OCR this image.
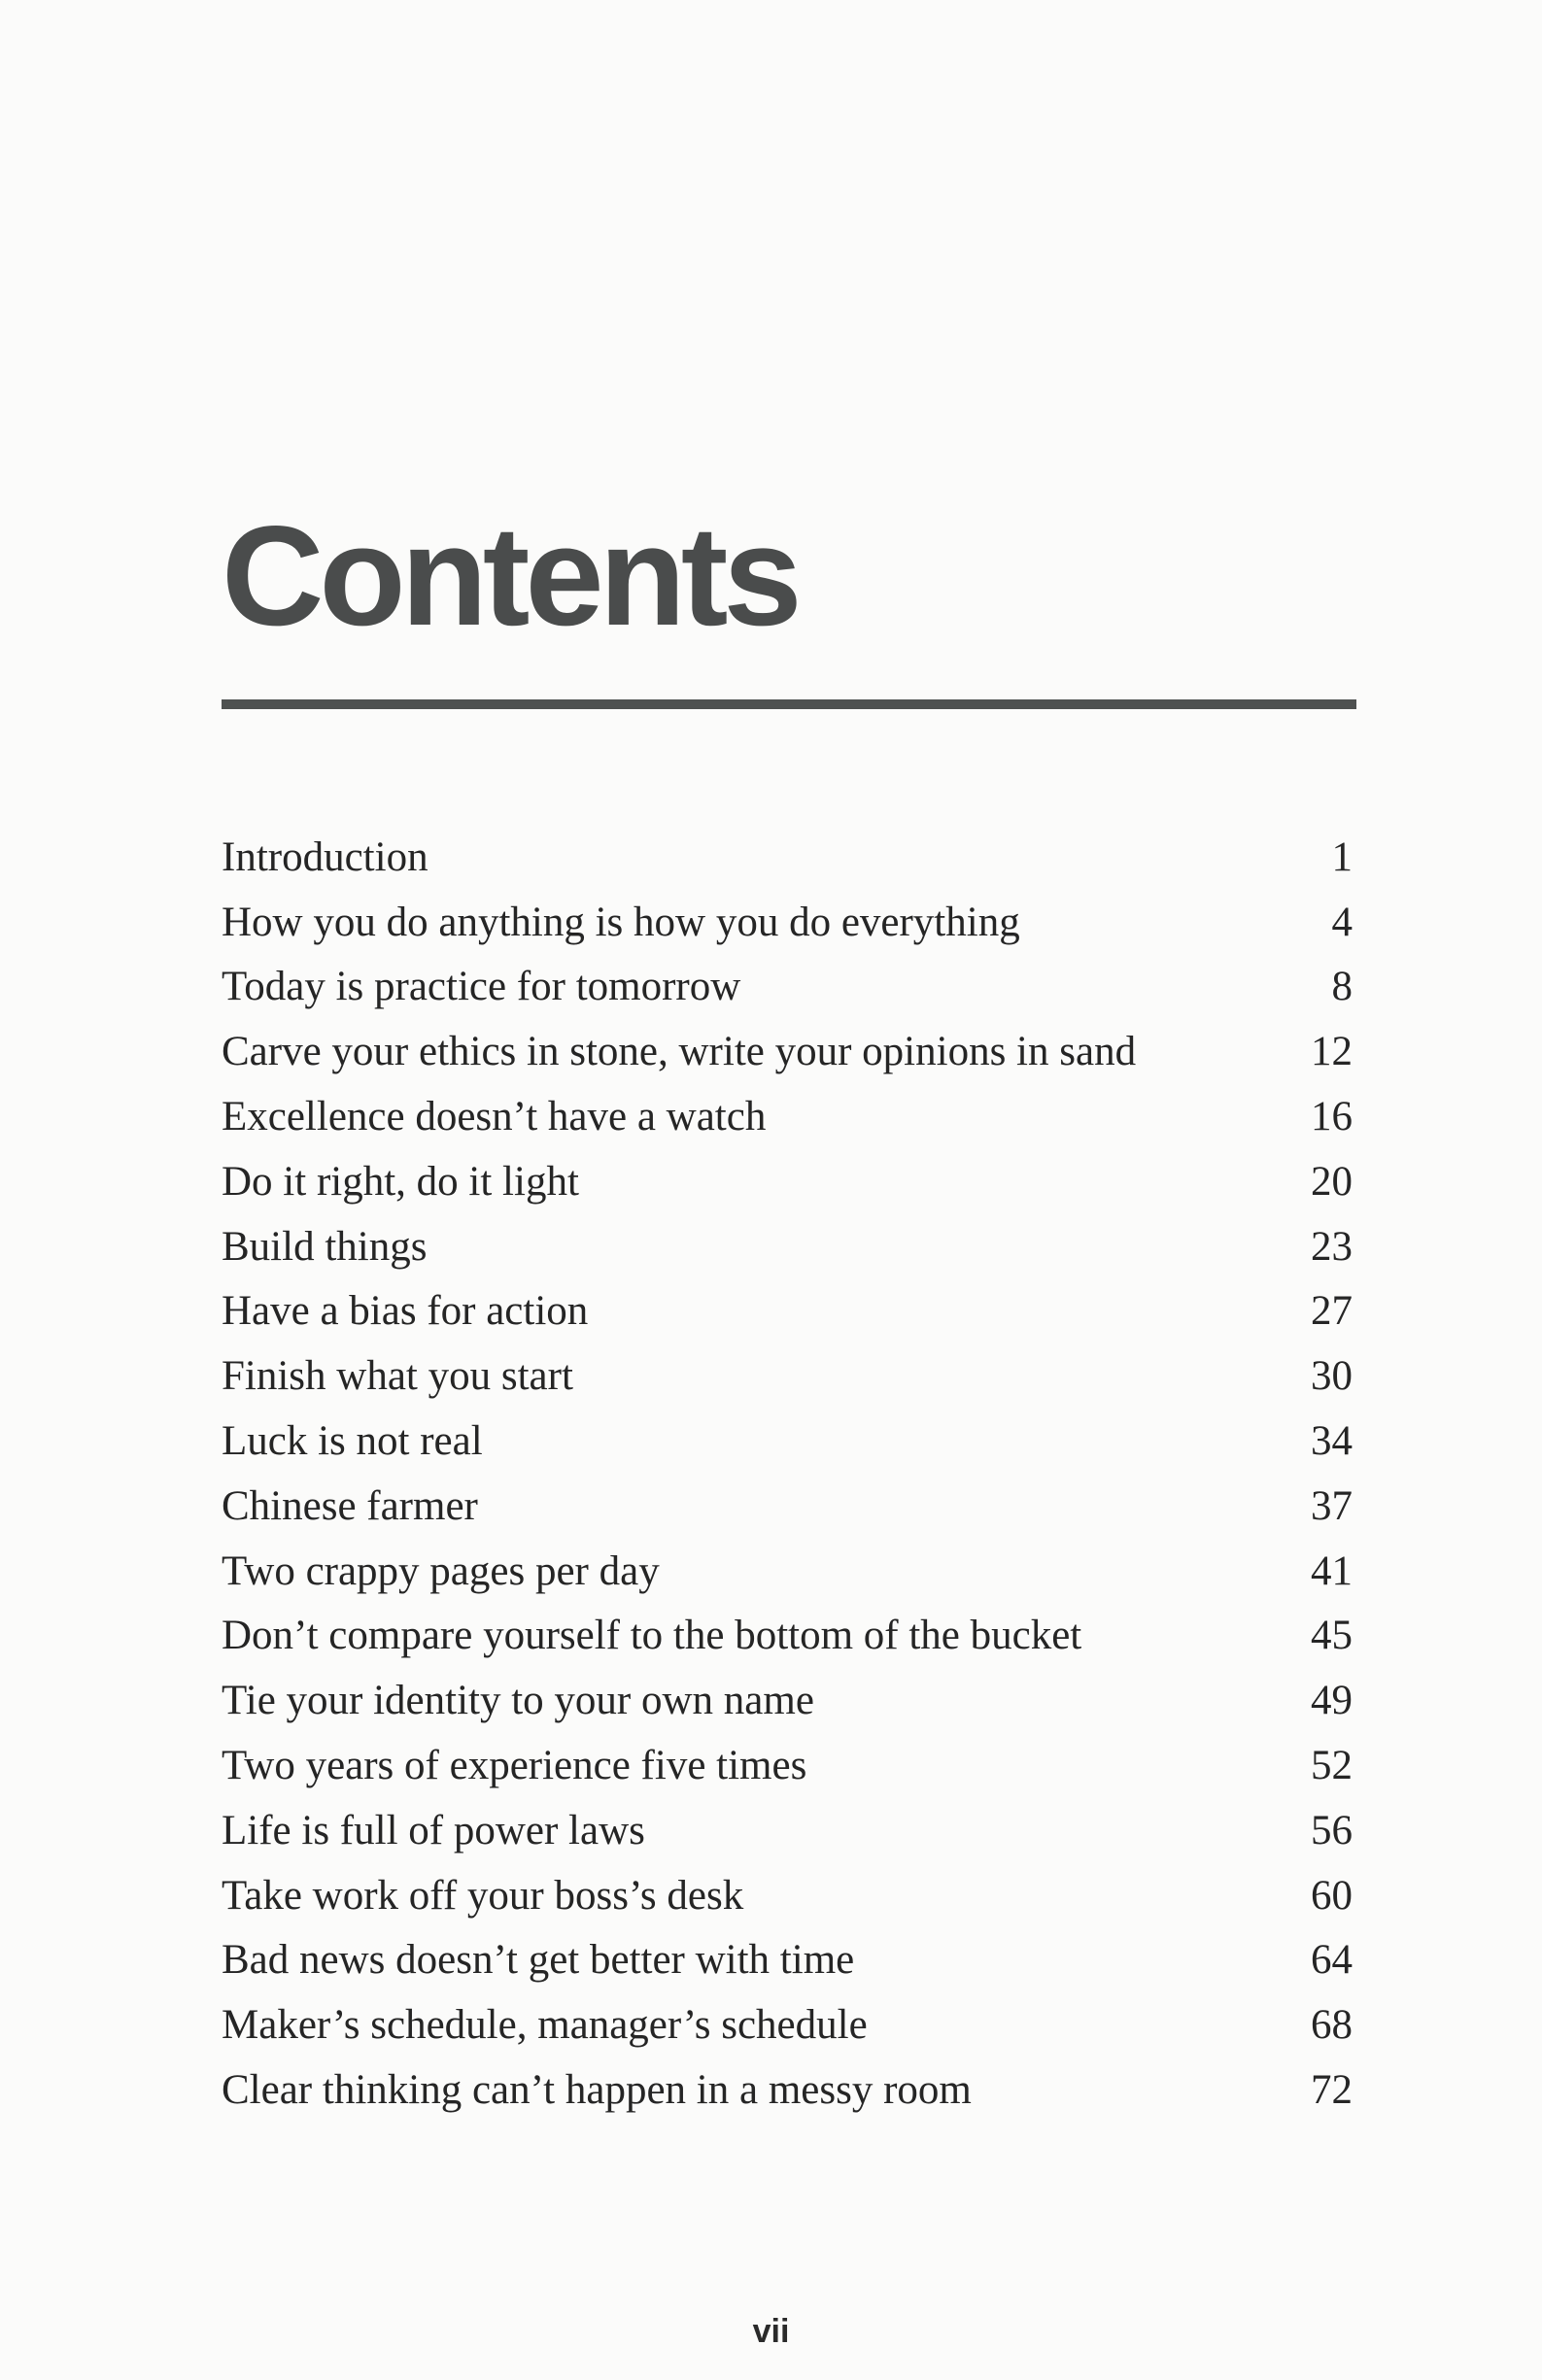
Contents
Introduction	1
How you do anything is how you do everything	4
Today is practice for tomorrow	8
Carve your ethics in stone, write your opinions in sand	12
Excellence doesn’t have a watch	16
Do it right, do it light	20
Build things	23
Have a bias for action	27
Finish what you start	30
Luck is not real	34
Chinese farmer	37
Two crappy pages per day	41
Don’t compare yourself to the bottom of the bucket	45
Tie your identity to your own name	49
Two years of experience five times	52
Life is full of power laws	56
Take work off your boss’s desk	60
Bad news doesn’t get better with time	64
Maker’s schedule, manager’s schedule	68
Clear thinking can’t happen in a messy room	72
vii
